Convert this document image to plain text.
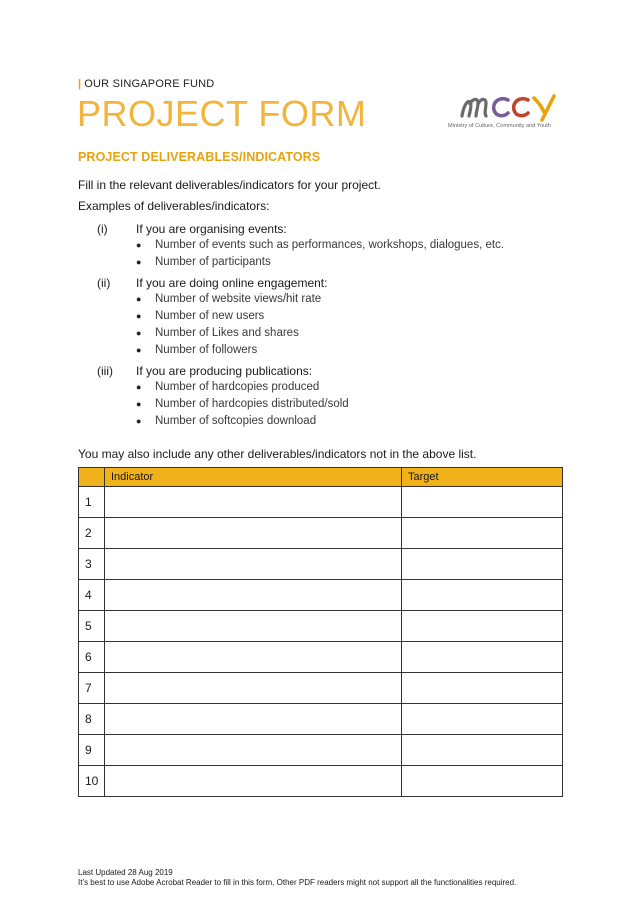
| OUR SINGAPORE FUND
PROJECT FORM	Ministry of Culture, Community and Youth
PROJECT DELIVERABLES/INDICATORS
Fill in the relevant deliverables/indicators for your project.
Examples of deliverables/indicators:
(i) If you are organising events:
● Number of events such as performances, workshops, dialogues, etc.
● Number of participants
(ii) If you are doing online engagement:
● Number of website views/hit rate
● Number of new users
● Number of Likes and shares
● Number of followers
(iii) If you are producing publications:
● Number of hardcopies produced
● Number of hardcopies distributed/sold
● Number of softcopies download
You may also include any other deliverables/indicators not in the above list.
	Indicator	Target
1		
2		
3		
4		
5		
6		
7		
8		
9		
10		
Last Updated 28 Aug 2019
It’s best to use Adobe Acrobat Reader to fill in this form. Other PDF readers might not support all the functionalities required.
